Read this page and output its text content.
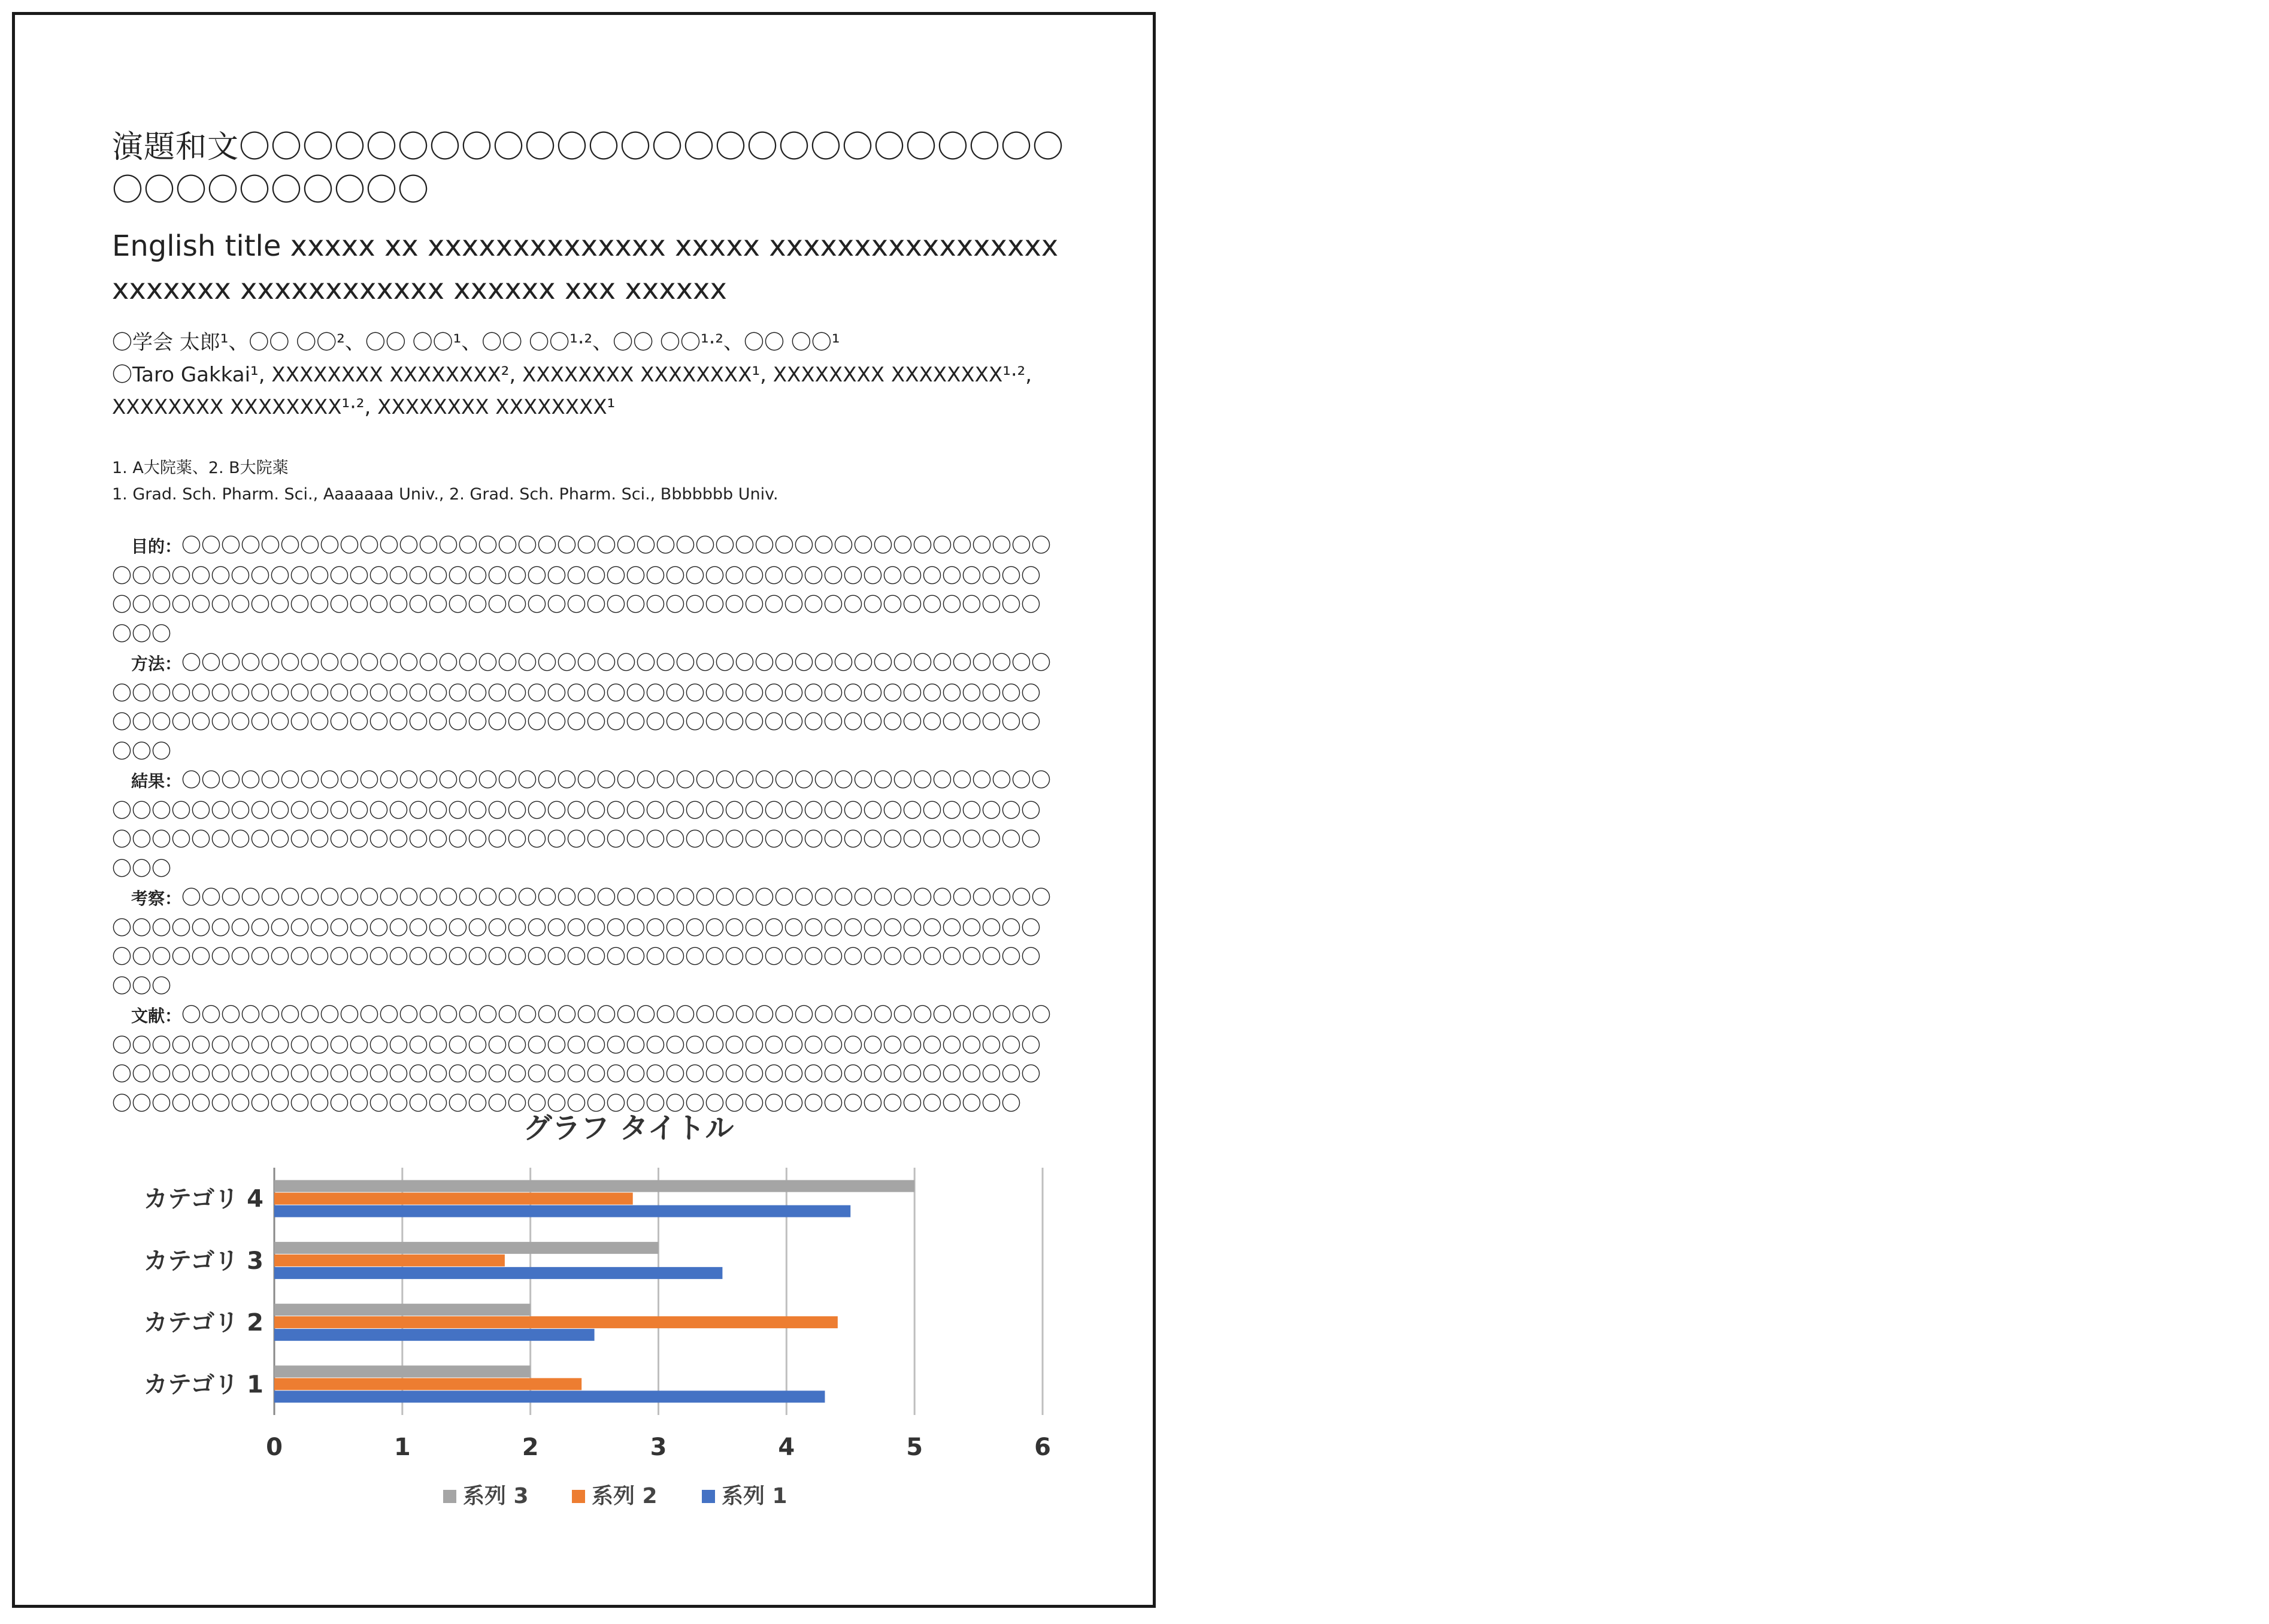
演題和文〇〇〇〇〇〇〇〇〇〇〇〇〇〇〇〇〇〇〇〇〇〇〇〇〇〇〇〇〇〇〇〇〇〇〇〇
English title xxxxx xx xxxxxxxxxxxxxx xxxxx xxxxxxxxxxxxxxxxx xxxxxxx xxxxxxxxxxxx xxxxxx xxx xxxxxx

〇学会 太郎¹、〇〇 〇〇²、〇〇 〇〇¹、〇〇 〇〇¹·²、〇〇 〇〇¹·²、〇〇 〇〇¹

〇Taro Gakkai¹, XXXXXXXX XXXXXXXX², XXXXXXXX XXXXXXXX¹, XXXXXXXX XXXXXXXX¹·², XXXXXXXX XXXXXXXX¹·², XXXXXXXX XXXXXXXX¹

1. A大院薬、2. B大院薬

1. Grad. Sch. Pharm. Sci., Aaaaaaa Univ., 2. Grad. Sch. Pharm. Sci., Bbbbbbb Univ.

目的：〇〇〇〇〇〇〇〇〇〇〇〇〇〇〇〇〇〇〇〇〇〇〇〇〇〇〇〇〇〇〇〇〇〇〇〇〇〇〇〇〇〇〇〇〇〇〇〇〇〇〇〇〇〇〇〇〇〇〇〇〇〇〇〇〇〇〇〇〇〇〇〇〇〇〇〇〇〇〇〇〇〇〇〇〇〇〇〇〇〇〇〇〇〇〇〇〇〇〇〇〇〇〇〇〇〇〇〇〇〇〇〇〇〇〇〇〇〇〇〇〇〇〇〇〇〇〇〇〇〇〇〇〇〇〇〇〇〇〇〇〇

方法：〇〇〇〇〇〇〇〇〇〇〇〇〇〇〇〇〇〇〇〇〇〇〇〇〇〇〇〇〇〇〇〇〇〇〇〇〇〇〇〇〇〇〇〇〇〇〇〇〇〇〇〇〇〇〇〇〇〇〇〇〇〇〇〇〇〇〇〇〇〇〇〇〇〇〇〇〇〇〇〇〇〇〇〇〇〇〇〇〇〇〇〇〇〇〇〇〇〇〇〇〇〇〇〇〇〇〇〇〇〇〇〇〇〇〇〇〇〇〇〇〇〇〇〇〇〇〇〇〇〇〇〇〇〇〇〇〇〇〇〇〇

結果：〇〇〇〇〇〇〇〇〇〇〇〇〇〇〇〇〇〇〇〇〇〇〇〇〇〇〇〇〇〇〇〇〇〇〇〇〇〇〇〇〇〇〇〇〇〇〇〇〇〇〇〇〇〇〇〇〇〇〇〇〇〇〇〇〇〇〇〇〇〇〇〇〇〇〇〇〇〇〇〇〇〇〇〇〇〇〇〇〇〇〇〇〇〇〇〇〇〇〇〇〇〇〇〇〇〇〇〇〇〇〇〇〇〇〇〇〇〇〇〇〇〇〇〇〇〇〇〇〇〇〇〇〇〇〇〇〇〇〇〇〇

考察：〇〇〇〇〇〇〇〇〇〇〇〇〇〇〇〇〇〇〇〇〇〇〇〇〇〇〇〇〇〇〇〇〇〇〇〇〇〇〇〇〇〇〇〇〇〇〇〇〇〇〇〇〇〇〇〇〇〇〇〇〇〇〇〇〇〇〇〇〇〇〇〇〇〇〇〇〇〇〇〇〇〇〇〇〇〇〇〇〇〇〇〇〇〇〇〇〇〇〇〇〇〇〇〇〇〇〇〇〇〇〇〇〇〇〇〇〇〇〇〇〇〇〇〇〇〇〇〇〇〇〇〇〇〇〇〇〇〇〇〇〇

文献：〇〇〇〇〇〇〇〇〇〇〇〇〇〇〇〇〇〇〇〇〇〇〇〇〇〇〇〇〇〇〇〇〇〇〇〇〇〇〇〇〇〇〇〇〇〇〇〇〇〇〇〇〇〇〇〇〇〇〇〇〇〇〇〇〇〇〇〇〇〇〇〇〇〇〇〇〇〇〇〇〇〇〇〇〇〇〇〇〇〇〇〇〇〇〇〇〇〇〇〇〇〇〇〇〇〇〇〇〇〇〇〇〇〇〇〇〇〇〇〇〇〇〇〇〇〇〇〇〇〇〇〇〇〇〇〇〇〇〇〇〇〇〇〇〇〇〇〇〇〇〇〇〇〇〇〇〇〇〇〇〇〇〇〇〇〇〇〇〇〇〇〇〇〇〇〇〇〇〇〇〇〇〇〇

グラフ タイトル
カテゴリ 1
カテゴリ 2
カテゴリ 3
カテゴリ 4
0	1	2	3	4	5	6
系列 3	系列 2	系列 1
